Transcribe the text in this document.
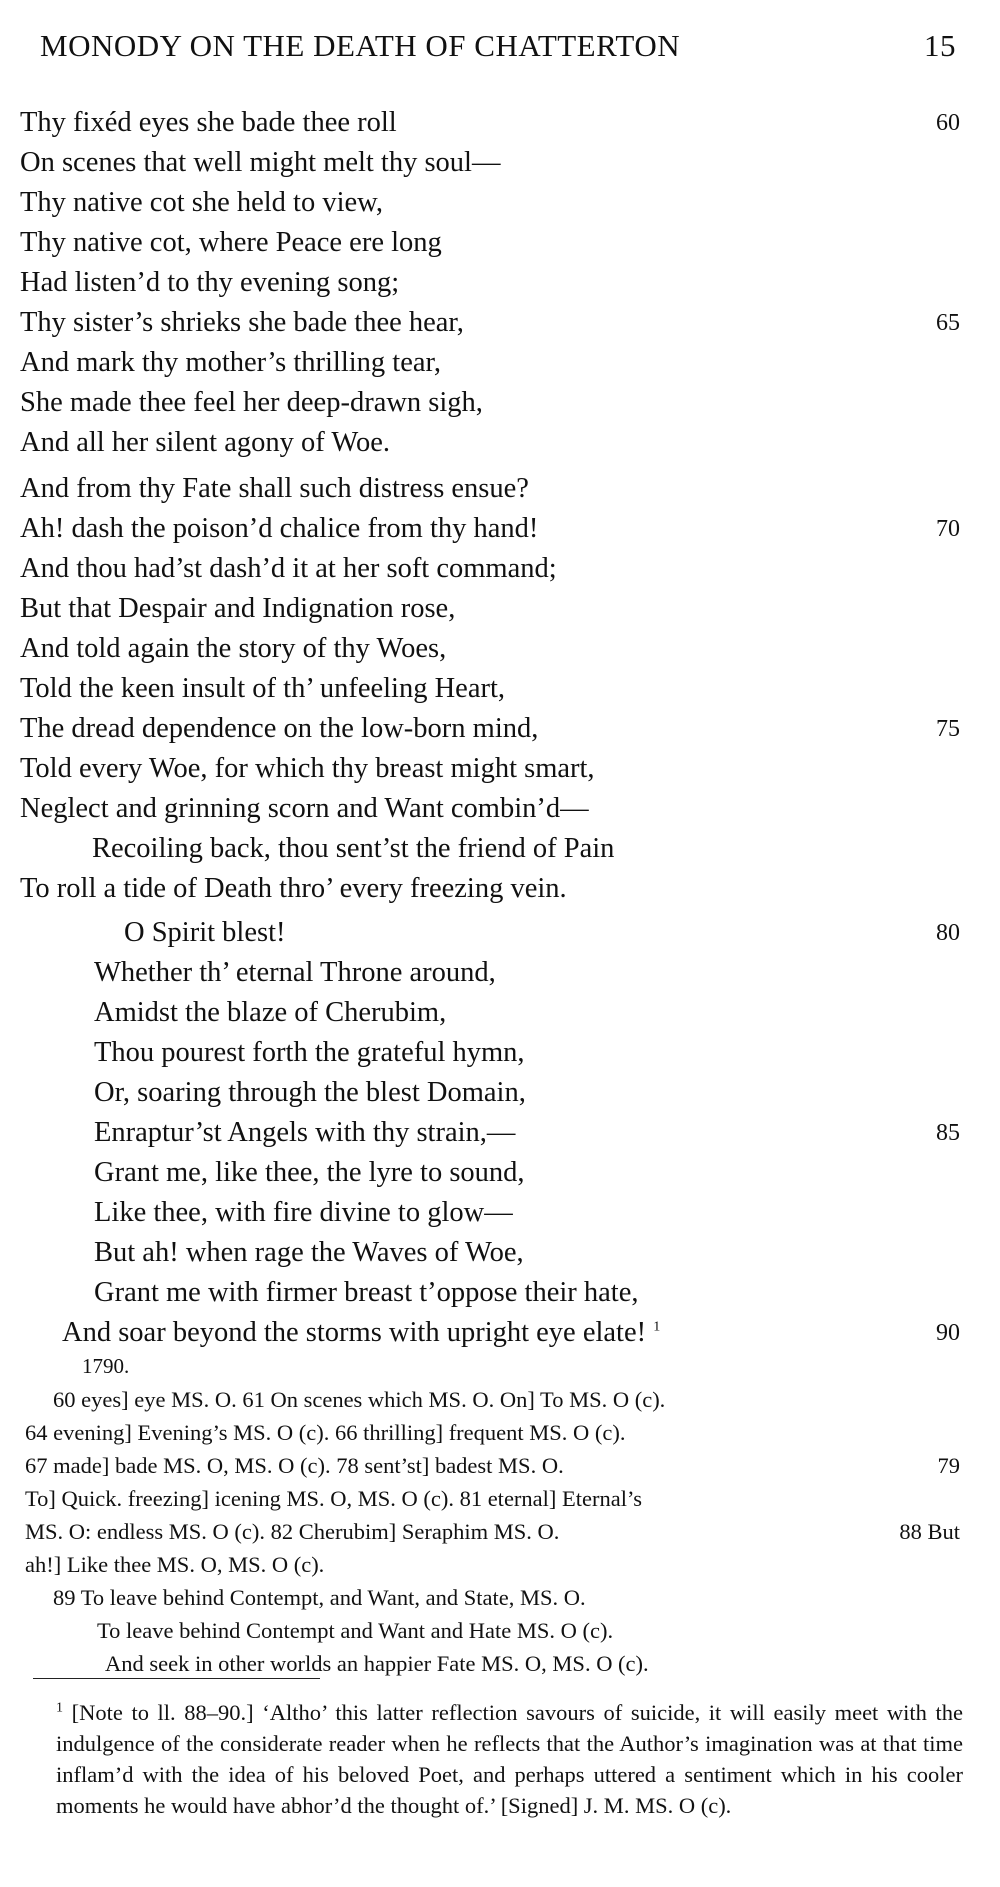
MONODY ON THE DEATH OF CHATTERTON	15
Thy fixéd eyes she bade thee roll	60
On scenes that well might melt thy soul—
Thy native cot she held to view,
Thy native cot, where Peace ere long
Had listen’d to thy evening song;
Thy sister’s shrieks she bade thee hear,	65
And mark thy mother’s thrilling tear,
She made thee feel her deep-drawn sigh,
And all her silent agony of Woe.
And from thy Fate shall such distress ensue?
Ah! dash the poison’d chalice from thy hand!	70
And thou had’st dash’d it at her soft command;
But that Despair and Indignation rose,
And told again the story of thy Woes,
Told the keen insult of th’ unfeeling Heart,
The dread dependence on the low-born mind,	75
Told every Woe, for which thy breast might smart,
Neglect and grinning scorn and Want combin’d—
Recoiling back, thou sent’st the friend of Pain
To roll a tide of Death thro’ every freezing vein.
O Spirit blest!	80
Whether th’ eternal Throne around,
Amidst the blaze of Cherubim,
Thou pourest forth the grateful hymn,
Or, soaring through the blest Domain,
Enraptur’st Angels with thy strain,—	85
Grant me, like thee, the lyre to sound,
Like thee, with fire divine to glow—
But ah! when rage the Waves of Woe,
Grant me with firmer breast t’oppose their hate,
And soar beyond the storms with upright eye elate! $^1$	90
1790.
60 eyes] eye MS. O. 61 On scenes which MS. O. On] To MS. O (c).
64 evening] Evening’s MS. O (c). 66 thrilling] frequent MS. O (c).
67 made] bade MS. O, MS. O (c). 78 sent’st] badest MS. O.	79
To] Quick. freezing] icening MS. O, MS. O (c). 81 eternal] Eternal’s
MS. O: endless MS. O (c). 82 Cherubim] Seraphim MS. O.	88 But
ah!] Like thee MS. O, MS. O (c).
89 To leave behind Contempt, and Want, and State, MS. O.
To leave behind Contempt and Want and Hate MS. O (c).
And seek in other worlds an happier Fate MS. O, MS. O (c).
$^1$ [Note to ll. 88–90.] ‘Altho’ this latter reflection savours of suicide, it will easily meet with the indulgence of the considerate reader when he reflects that the Author’s imagination was at that time inflam’d with the idea of his beloved Poet, and perhaps uttered a sentiment which in his cooler moments he would have abhor’d the thought of.’ [Signed] J. M. MS. O (c).
